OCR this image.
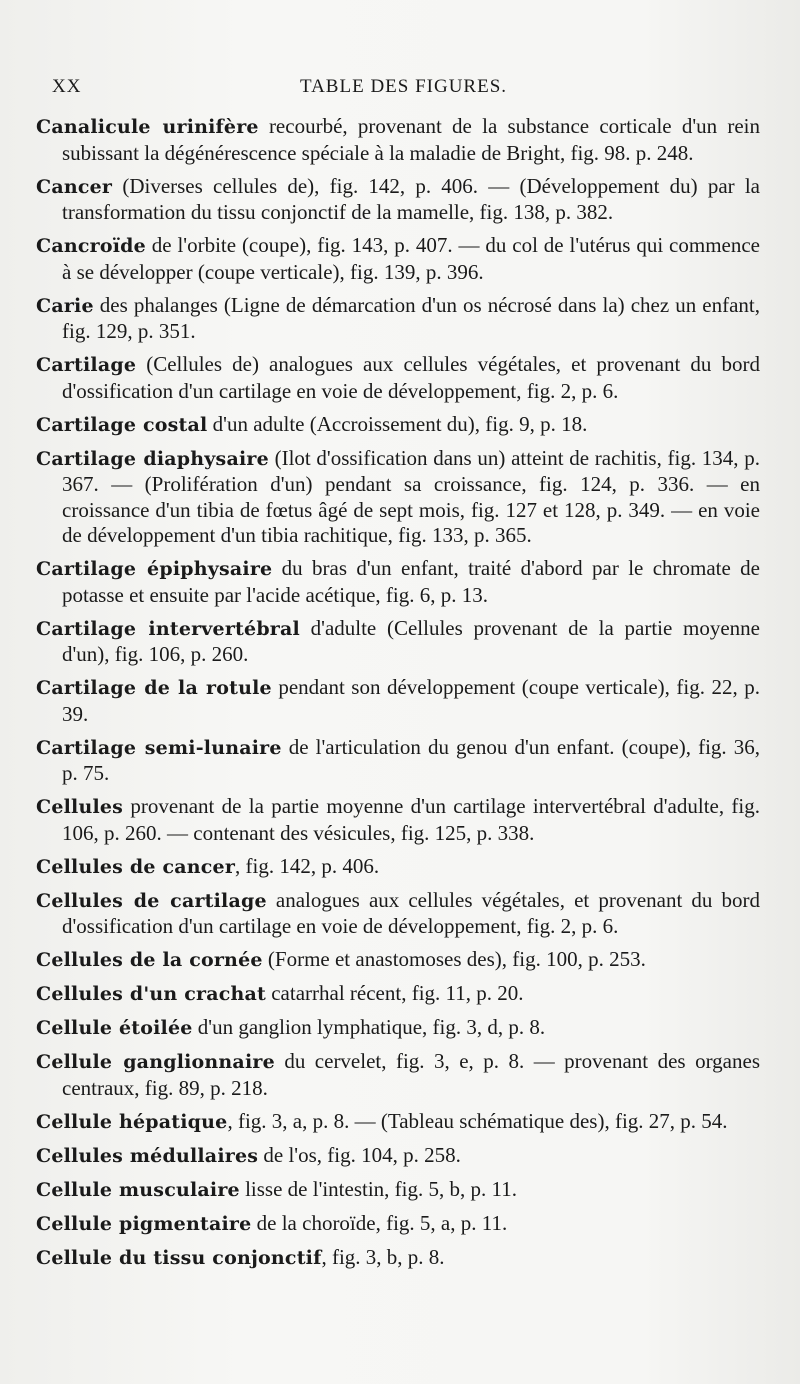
XX	TABLE DES FIGURES.

Canalicule urinifère recourbé, provenant de la substance corticale d'un rein subissant la dégénérescence spéciale à la maladie de Bright, fig. 98. p. 248.

Cancer (Diverses cellules de), fig. 142, p. 406. — (Développement du) par la transformation du tissu conjonctif de la mamelle, fig. 138, p. 382.

Cancroïde de l'orbite (coupe), fig. 143, p. 407. — du col de l'utérus qui commence à se développer (coupe verticale), fig. 139, p. 396.

Carie des phalanges (Ligne de démarcation d'un os nécrosé dans la) chez un enfant, fig. 129, p. 351.

Cartilage (Cellules de) analogues aux cellules végétales, et provenant du bord d'ossification d'un cartilage en voie de développement, fig. 2, p. 6.

Cartilage costal d'un adulte (Accroissement du), fig. 9, p. 18.

Cartilage diaphysaire (Ilot d'ossification dans un) atteint de rachitis, fig. 134, p. 367. — (Prolifération d'un) pendant sa croissance, fig. 124, p. 336. — en croissance d'un tibia de fœtus âgé de sept mois, fig. 127 et 128, p. 349. — en voie de développement d'un tibia rachitique, fig. 133, p. 365.

Cartilage épiphysaire du bras d'un enfant, traité d'abord par le chromate de potasse et ensuite par l'acide acétique, fig. 6, p. 13.

Cartilage intervertébral d'adulte (Cellules provenant de la partie moyenne d'un), fig. 106, p. 260.

Cartilage de la rotule pendant son développement (coupe verticale), fig. 22, p. 39.

Cartilage semi-lunaire de l'articulation du genou d'un enfant. (coupe), fig. 36, p. 75.

Cellules provenant de la partie moyenne d'un cartilage intervertébral d'adulte, fig. 106, p. 260. — contenant des vésicules, fig. 125, p. 338.

Cellules de cancer, fig. 142, p. 406.

Cellules de cartilage analogues aux cellules végétales, et provenant du bord d'ossification d'un cartilage en voie de développement, fig. 2, p. 6.

Cellules de la cornée (Forme et anastomoses des), fig. 100, p. 253.

Cellules d'un crachat catarrhal récent, fig. 11, p. 20.

Cellule étoilée d'un ganglion lymphatique, fig. 3, d, p. 8.

Cellule ganglionnaire du cervelet, fig. 3, e, p. 8. — provenant des organes centraux, fig. 89, p. 218.

Cellule hépatique, fig. 3, a, p. 8. — (Tableau schématique des), fig. 27, p. 54.

Cellules médullaires de l'os, fig. 104, p. 258.

Cellule musculaire lisse de l'intestin, fig. 5, b, p. 11.

Cellule pigmentaire de la choroïde, fig. 5, a, p. 11.

Cellule du tissu conjonctif, fig. 3, b, p. 8.
